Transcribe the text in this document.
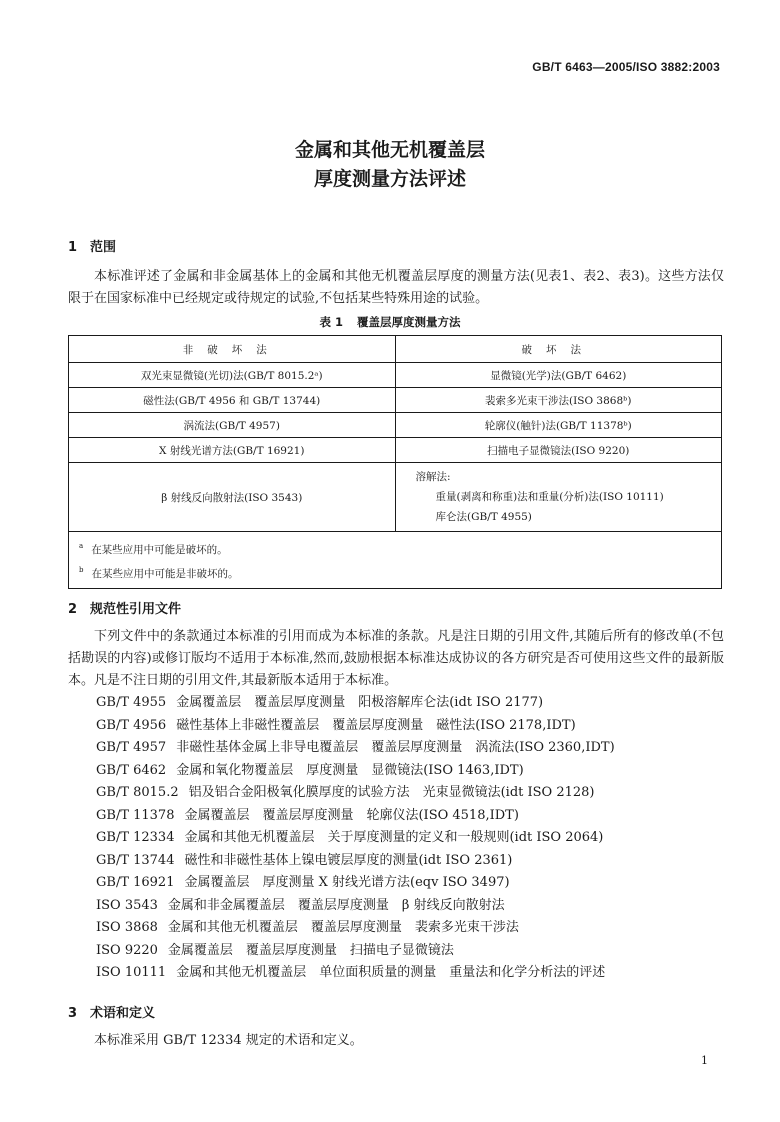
GB/T 6463—2005/ISO 3882:2003
金属和其他无机覆盖层
厚度测量方法评述
1 范围
本标准评述了金属和非金属基体上的金属和其他无机覆盖层厚度的测量方法(见表1、表2、表3)。这些方法仅限于在国家标准中已经规定或待规定的试验,不包括某些特殊用途的试验。
表 1 覆盖层厚度测量方法
非破坏法	破坏法
双光束显微镜(光切)法(GB/T 8015.2ᵃ)	显微镜(光学)法(GB/T 6462)
磁性法(GB/T 4956 和 GB/T 13744)	裴索多光束干涉法(ISO 3868ᵇ)
涡流法(GB/T 4957)	轮廓仪(触针)法(GB/T 11378ᵇ)
X 射线光谱方法(GB/T 16921)	扫描电子显微镜法(ISO 9220)
β 射线反向散射法(ISO 3543)	溶解法:
重量(剥离和称重)法和重量(分析)法(ISO 10111)
库仑法(GB/T 4955)

$^a$ 在某些应用中可能是破坏的。
$^b$ 在某些应用中可能是非破坏的。	
2 规范性引用文件
下列文件中的条款通过本标准的引用而成为本标准的条款。凡是注日期的引用文件,其随后所有的修改单(不包括勘误的内容)或修订版均不适用于本标准,然而,鼓励根据本标准达成协议的各方研究是否可使用这些文件的最新版本。凡是不注日期的引用文件,其最新版本适用于本标准。
GB/T 4955 金属覆盖层　覆盖层厚度测量　阳极溶解库仑法(idt ISO 2177)
GB/T 4956 磁性基体上非磁性覆盖层　覆盖层厚度测量　磁性法(ISO 2178,IDT)
GB/T 4957 非磁性基体金属上非导电覆盖层　覆盖层厚度测量　涡流法(ISO 2360,IDT)
GB/T 6462 金属和氧化物覆盖层　厚度测量　显微镜法(ISO 1463,IDT)
GB/T 8015.2 铝及铝合金阳极氧化膜厚度的试验方法　光束显微镜法(idt ISO 2128)
GB/T 11378 金属覆盖层　覆盖层厚度测量　轮廓仪法(ISO 4518,IDT)
GB/T 12334 金属和其他无机覆盖层　关于厚度测量的定义和一般规则(idt ISO 2064)
GB/T 13744 磁性和非磁性基体上镍电镀层厚度的测量(idt ISO 2361)
GB/T 16921 金属覆盖层　厚度测量 X 射线光谱方法(eqv ISO 3497)
ISO 3543 金属和非金属覆盖层　覆盖层厚度测量　β 射线反向散射法
ISO 3868 金属和其他无机覆盖层　覆盖层厚度测量　裴索多光束干涉法
ISO 9220 金属覆盖层　覆盖层厚度测量　扫描电子显微镜法
ISO 10111 金属和其他无机覆盖层　单位面积质量的测量　重量法和化学分析法的评述
3 术语和定义
本标准采用 GB/T 12334 规定的术语和定义。
1
